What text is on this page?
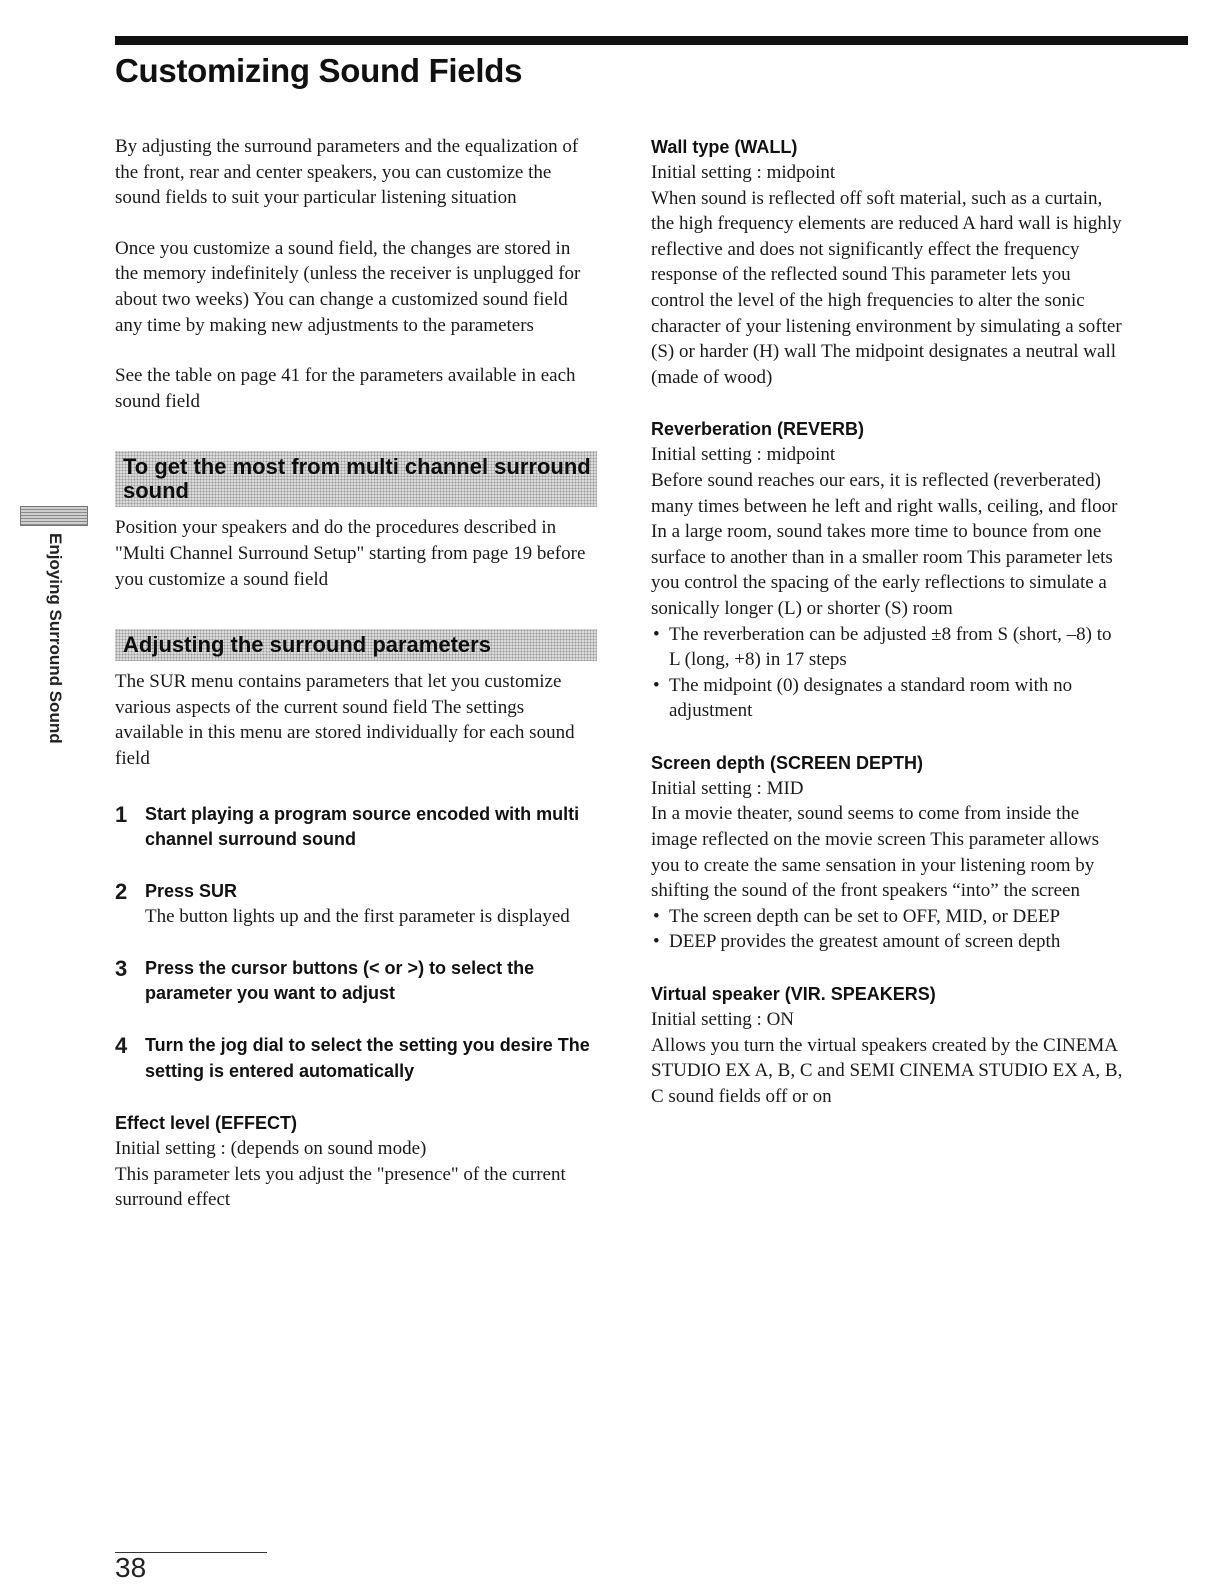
Customizing Sound Fields
Enjoying Surround Sound

By adjusting the surround parameters and the equalization of the front, rear and center speakers, you can customize the sound fields to suit your particular listening situation

Once you customize a sound field, the changes are stored in the memory indefinitely (unless the receiver is unplugged for about two weeks) You can change a customized sound field any time by making new adjustments to the parameters

See the table on page 41 for the parameters available in each sound field

To get the most from multi channel surround sound

Position your speakers and do the procedures described in "Multi Channel Surround Setup" starting from page 19 before you customize a sound field

Adjusting the surround parameters

The SUR menu contains parameters that let you customize various aspects of the current sound field The settings available in this menu are stored individually for each sound field

1 Start playing a program source encoded with multi channel surround sound
2 Press SUR

The button lights up and the first parameter is displayed

3 Press the cursor buttons (< or >) to select the parameter you want to adjust
4 Turn the jog dial to select the setting you desire The setting is entered automatically
Effect level (EFFECT)

Initial setting : (depends on sound mode)

This parameter lets you adjust the "presence" of the current surround effect

Wall type (WALL)

Initial setting : midpoint

When sound is reflected off soft material, such as a curtain, the high frequency elements are reduced A hard wall is highly reflective and does not significantly effect the frequency response of the reflected sound This parameter lets you control the level of the high frequencies to alter the sonic character of your listening environment by simulating a softer (S) or harder (H) wall The midpoint designates a neutral wall (made of wood)

Reverberation (REVERB)

Initial setting : midpoint

Before sound reaches our ears, it is reflected (reverberated) many times between he left and right walls, ceiling, and floor In a large room, sound takes more time to bounce from one surface to another than in a smaller room This parameter lets you control the spacing of the early reflections to simulate a sonically longer (L) or shorter (S) room

• The reverberation can be adjusted ±8 from S (short, –8) to L (long, +8) in 17 steps
• The midpoint (0) designates a standard room with no adjustment
Screen depth (SCREEN DEPTH)

Initial setting : MID

In a movie theater, sound seems to come from inside the image reflected on the movie screen This parameter allows you to create the same sensation in your listening room by shifting the sound of the front speakers “into” the screen

• The screen depth can be set to OFF, MID, or DEEP
• DEEP provides the greatest amount of screen depth
Virtual speaker (VIR. SPEAKERS)

Initial setting : ON

Allows you turn the virtual speakers created by the CINEMA STUDIO EX A, B, C and SEMI CINEMA STUDIO EX A, B, C sound fields off or on

38
